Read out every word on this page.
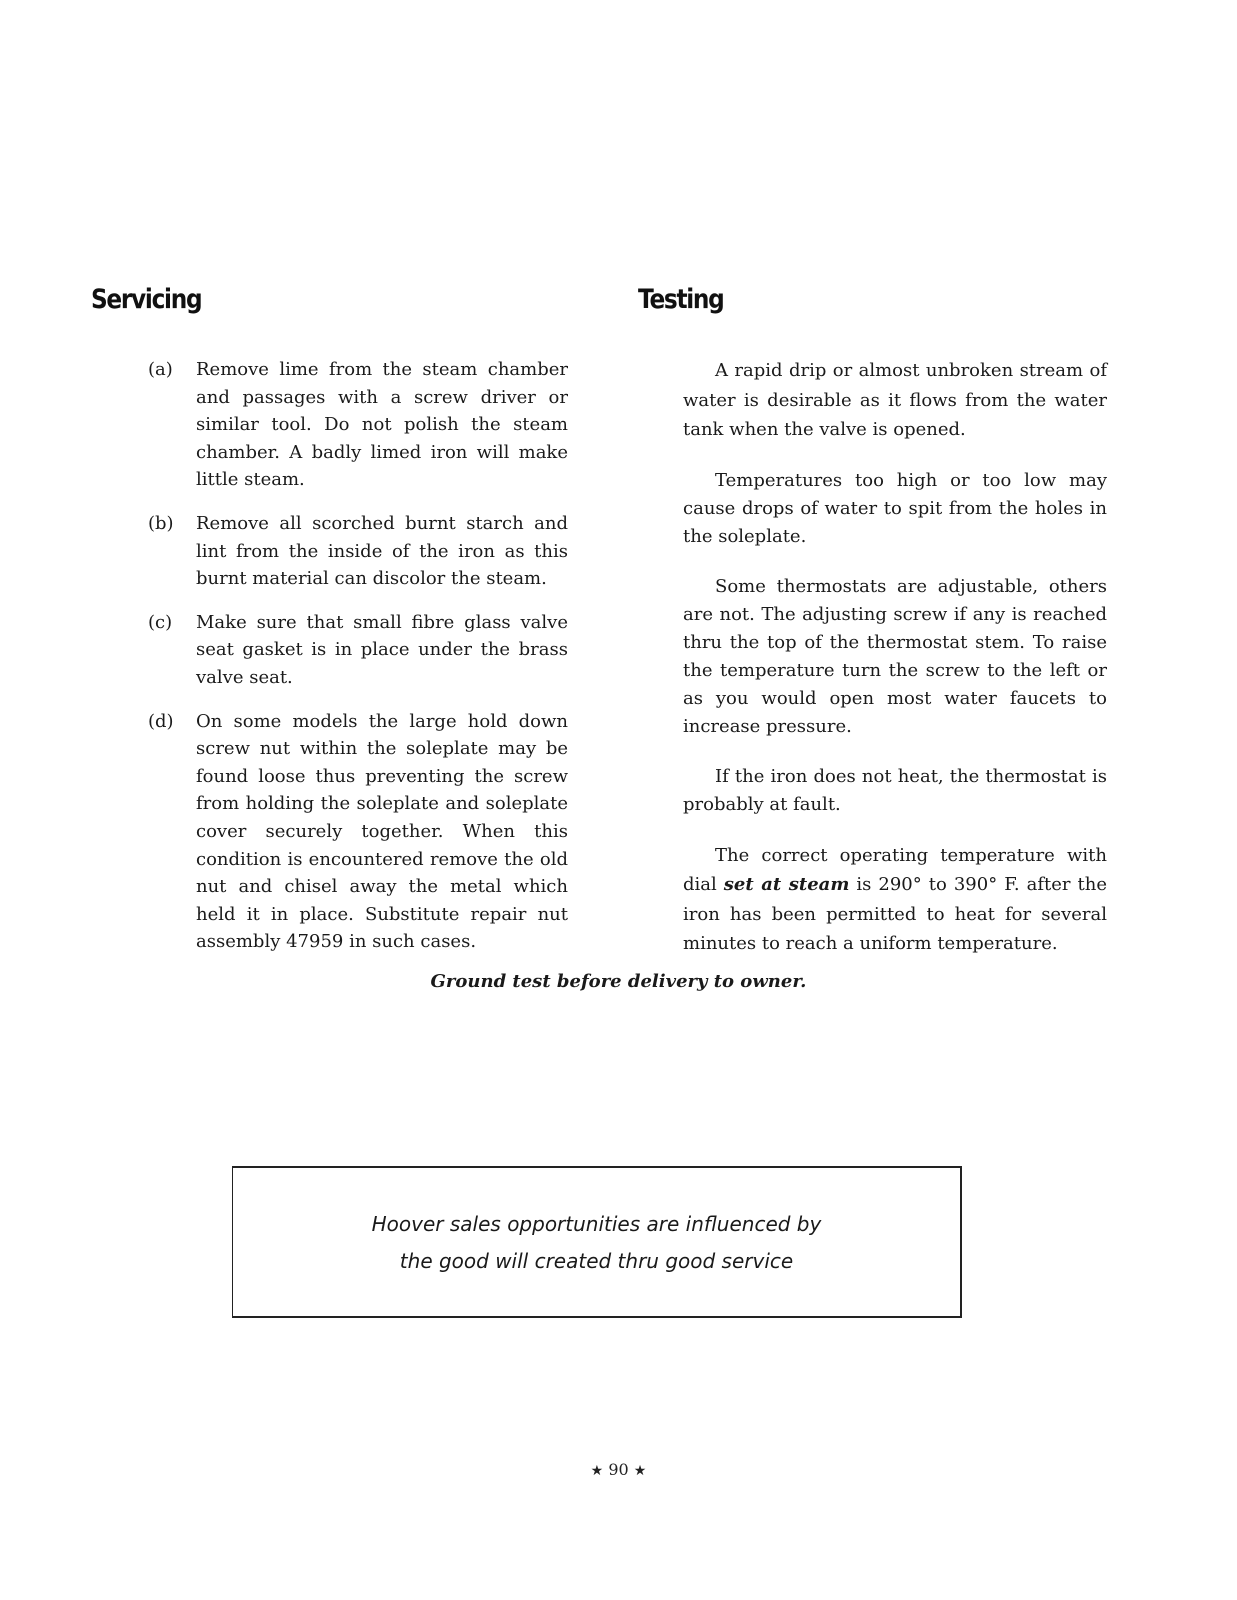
Servicing	Testing
(a)	Remove lime from the steam chamber and passages with a screw driver or similar tool. Do not polish the steam chamber. A badly limed iron will make little steam.
(b)	Remove all scorched burnt starch and lint from the inside of the iron as this burnt material can discolor the steam.
(c)	Make sure that small fibre glass valve seat gasket is in place under the brass valve seat.
(d)	On some models the large hold down screw nut within the soleplate may be found loose thus preventing the screw from holding the soleplate and soleplate cover securely together. When this condition is encountered remove the old nut and chisel away the metal which held it in place. Substitute repair nut assembly 47959 in such cases.

A rapid drip or almost unbroken stream of water is desirable as it flows from the water tank when the valve is opened.

Temperatures too high or too low may cause drops of water to spit from the holes in the soleplate.

Some thermostats are adjustable, others are not. The adjusting screw if any is reached thru the top of the thermostat stem. To raise the temperature turn the screw to the left or as you would open most water faucets to increase pressure.

If the iron does not heat, the thermostat is probably at fault.

The correct operating temperature with dial set at steam is 290° to 390° F. after the iron has been permitted to heat for several minutes to reach a uniform temperature.

Ground test before delivery to owner.

Hoover sales opportunities are influenced by

the good will created thru good service

★ 90 ★
